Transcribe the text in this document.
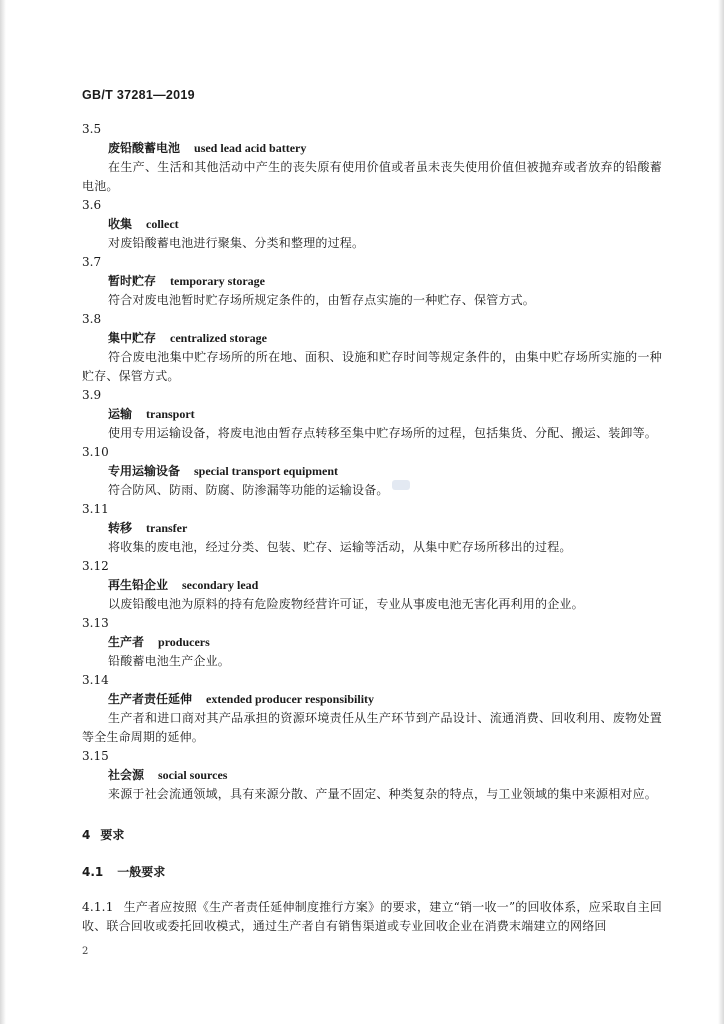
GB/T 37281—2019
3.5
废铅酸蓄电池 used lead acid battery

在生产、生活和其他活动中产生的丧失原有使用价值或者虽未丧失使用价值但被抛弃或者放弃的铅酸蓄电池。

3.6
收集 collect

对废铅酸蓄电池进行聚集、分类和整理的过程。

3.7
暂时贮存 temporary storage

符合对废电池暂时贮存场所规定条件的，由暂存点实施的一种贮存、保管方式。

3.8
集中贮存 centralized storage

符合废电池集中贮存场所的所在地、面积、设施和贮存时间等规定条件的，由集中贮存场所实施的一种贮存、保管方式。

3.9
运输 transport

使用专用运输设备，将废电池由暂存点转移至集中贮存场所的过程，包括集货、分配、搬运、装卸等。

3.10
专用运输设备 special transport equipment

符合防风、防雨、防腐、防渗漏等功能的运输设备。

3.11
转移 transfer

将收集的废电池，经过分类、包装、贮存、运输等活动，从集中贮存场所移出的过程。

3.12
再生铅企业 secondary lead

以废铅酸电池为原料的持有危险废物经营许可证，专业从事废电池无害化再利用的企业。

3.13
生产者 producers

铅酸蓄电池生产企业。

3.14
生产者责任延伸 extended producer responsibility

生产者和进口商对其产品承担的资源环境责任从生产环节到产品设计、流通消费、回收利用、废物处置等全生命周期的延伸。

3.15
社会源 social sources

来源于社会流通领域，具有来源分散、产量不固定、种类复杂的特点，与工业领域的集中来源相对应。

4 要求
4.1 一般要求

4.1.1 生产者应按照《生产者责任延伸制度推行方案》的要求，建立“销一收一”的回收体系，应采取自主回收、联合回收或委托回收模式，通过生产者自有销售渠道或专业回收企业在消费末端建立的网络回

2
